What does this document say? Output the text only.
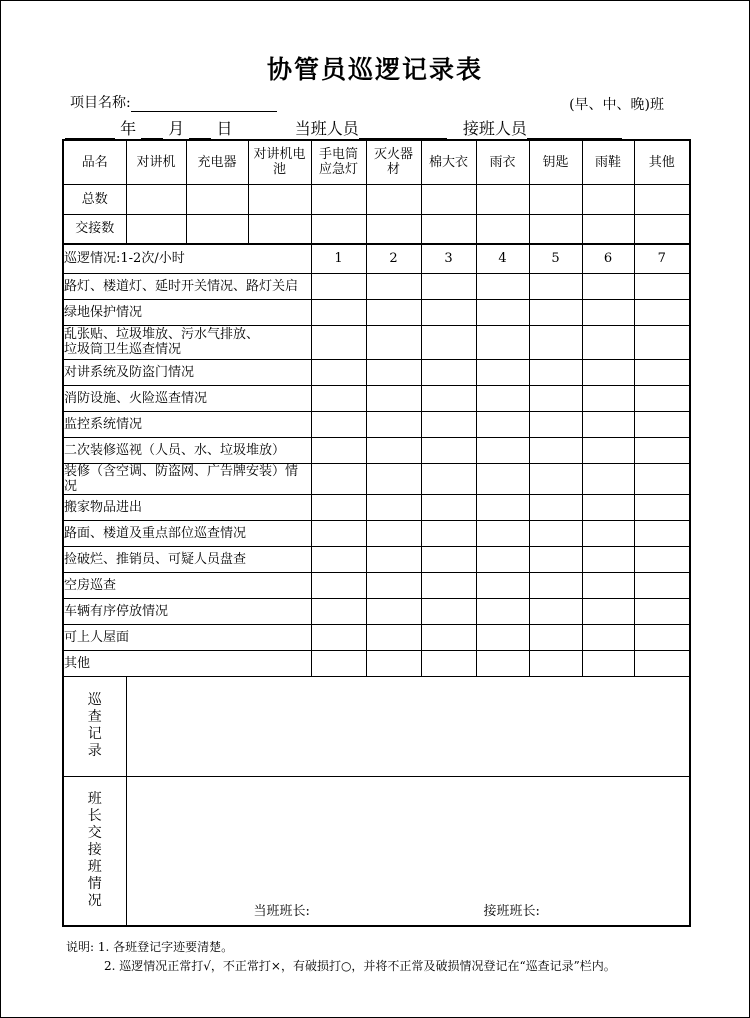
协管员巡逻记录表
项目名称:	(早、中、晚)班
年 月 日	当班人员	接班人员
品名	对讲机	充电器	对讲机电池	手电筒应急灯	灭火器材	棉大衣	雨衣	钥匙	雨鞋	其他
总数										
交接数										
巡逻情况:1-2次/小时				1	2	3	4	5	6	7
路灯、楼道灯、延时开关情况、路灯关启										
绿地保护情况										
乱张贴、垃圾堆放、污水气排放、垃圾筒卫生巡查情况										
对讲系统及防盗门情况										
消防设施、火险巡查情况										
监控系统情况										
二次装修巡视（人员、水、垃圾堆放）										
装修（含空调、防盗网、广告牌安装）情况										
搬家物品进出										
路面、楼道及重点部位巡查情况										
捡破烂、推销员、可疑人员盘查										
空房巡查										
车辆有序停放情况										
可上人屋面										
其他										
巡查记录										
班长交接班情况	当班班长: 接班班长:									
说明: 1. 各班登记字迹要清楚。
2. 巡逻情况正常打√，不正常打×，有破损打○，并将不正常及破损情况登记在“巡查记录”栏内。
